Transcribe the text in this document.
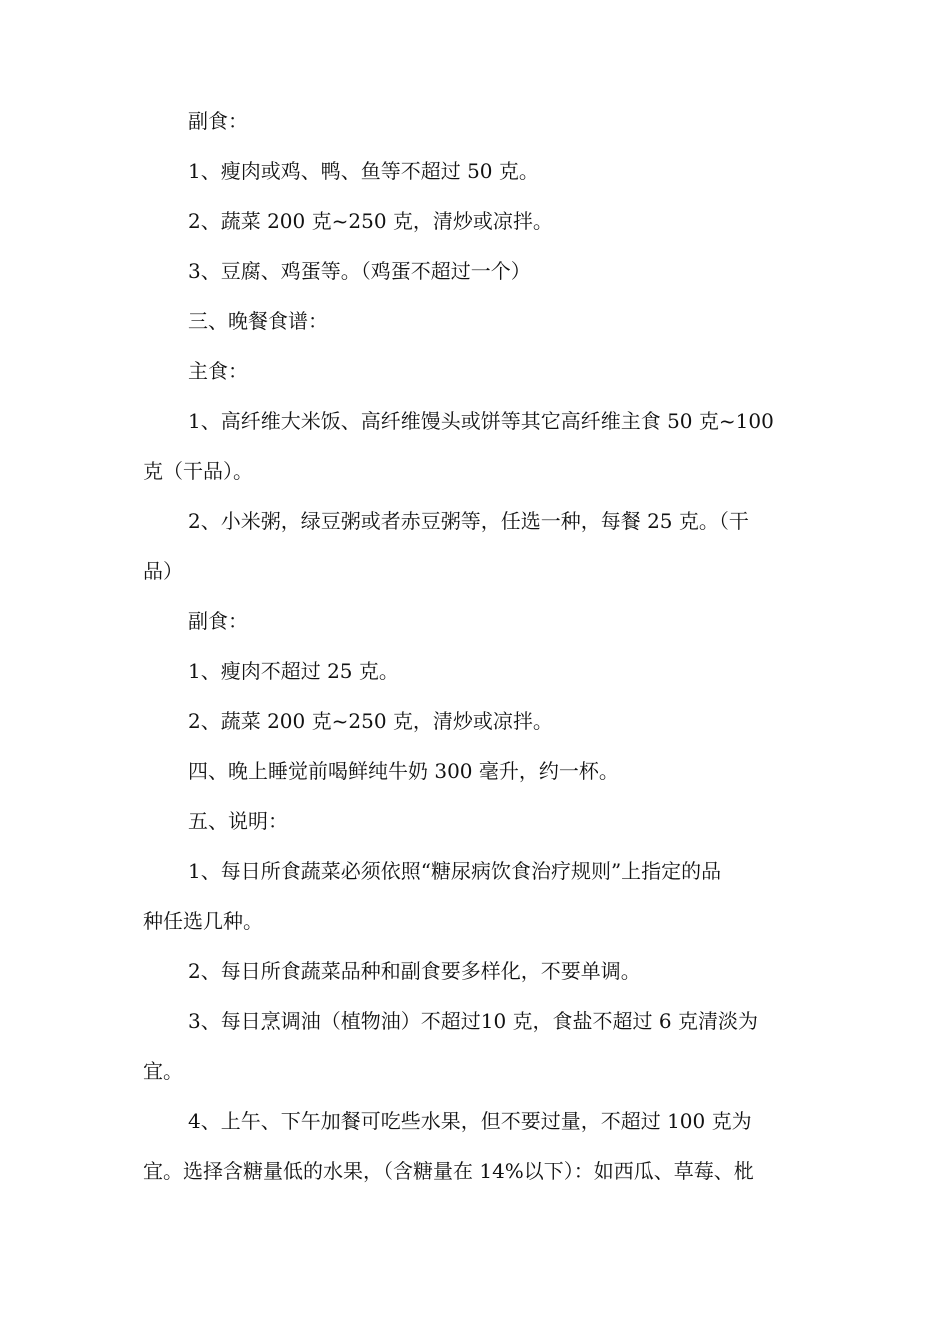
副食：

1、瘦肉或鸡、鸭、鱼等不超过 50 克。

2、蔬菜 200 克~250 克，清炒或凉拌。

3、豆腐、鸡蛋等。（鸡蛋不超过一个）

三、晚餐食谱：

主食：

1、高纤维大米饭、高纤维馒头或饼等其它高纤维主食 50 克~100

克（干品）。

2、小米粥，绿豆粥或者赤豆粥等，任选一种，每餐 25 克。（干

品）

副食：

1、瘦肉不超过 25 克。

2、蔬菜 200 克~250 克，清炒或凉拌。

四、晚上睡觉前喝鲜纯牛奶 300 毫升，约一杯。

五、说明：

1、每日所食蔬菜必须依照“糖尿病饮食治疗规则”上指定的品

种任选几种。

2、每日所食蔬菜品种和副食要多样化，不要单调。

3、每日烹调油（植物油）不超过10 克，食盐不超过 6 克清淡为

宜。

4、上午、下午加餐可吃些水果，但不要过量，不超过 100 克为

宜。选择含糖量低的水果，（含糖量在 14%以下）：如西瓜、草莓、枇
